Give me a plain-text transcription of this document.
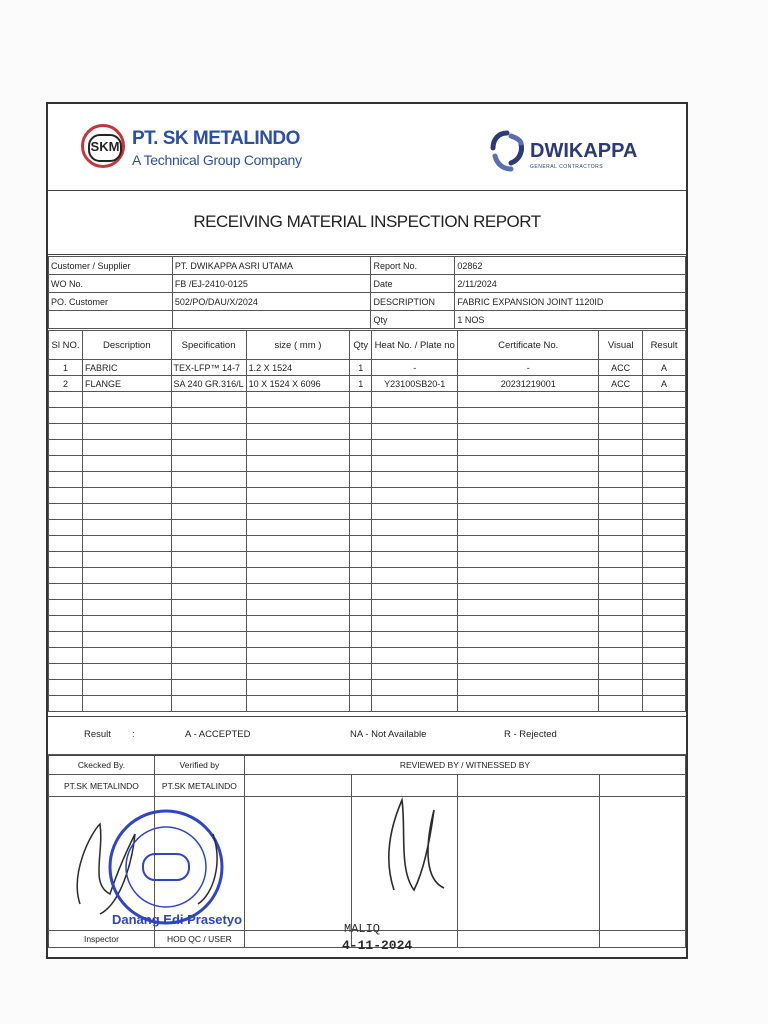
SKM PT. SK METALINDO
A Technical Group Company	DWIKAPPA
GENERAL CONTRACTORS
RECEIVING MATERIAL INSPECTION REPORT
Customer / Supplier	PT. DWIKAPPA ASRI UTAMA	Report No.	02862
WO No.	FB /EJ-2410-0125	Date	2/11/2024
PO. Customer	502/PO/DAU/X/2024	DESCRIPTION	FABRIC EXPANSION JOINT 1120ID
		Qty	1 NOS
Sl NO.	Description	Specification	size ( mm )	Qty	Heat No. / Plate no	Certificate No.	Visual	Result
1	FABRIC	TEX-LFP™ 14-7	1.2 X 1524	1	-	-	ACC	A
2	FLANGE	SA 240 GR.316/L	10 X 1524 X 6096	1	Y23100SB20-1	20231219001	ACC	A

Result :	A - ACCEPTED	NA - Not Available	R - Rejected
Ckecked By.	Verified by	REVIEWED BY / WITNESSED BY			
PT.SK METALINDO	PT.SK METALINDO				

Inspector	HOD QC / USER				
Danang Edi Prasetyo
MALIQ
4-11-2024
